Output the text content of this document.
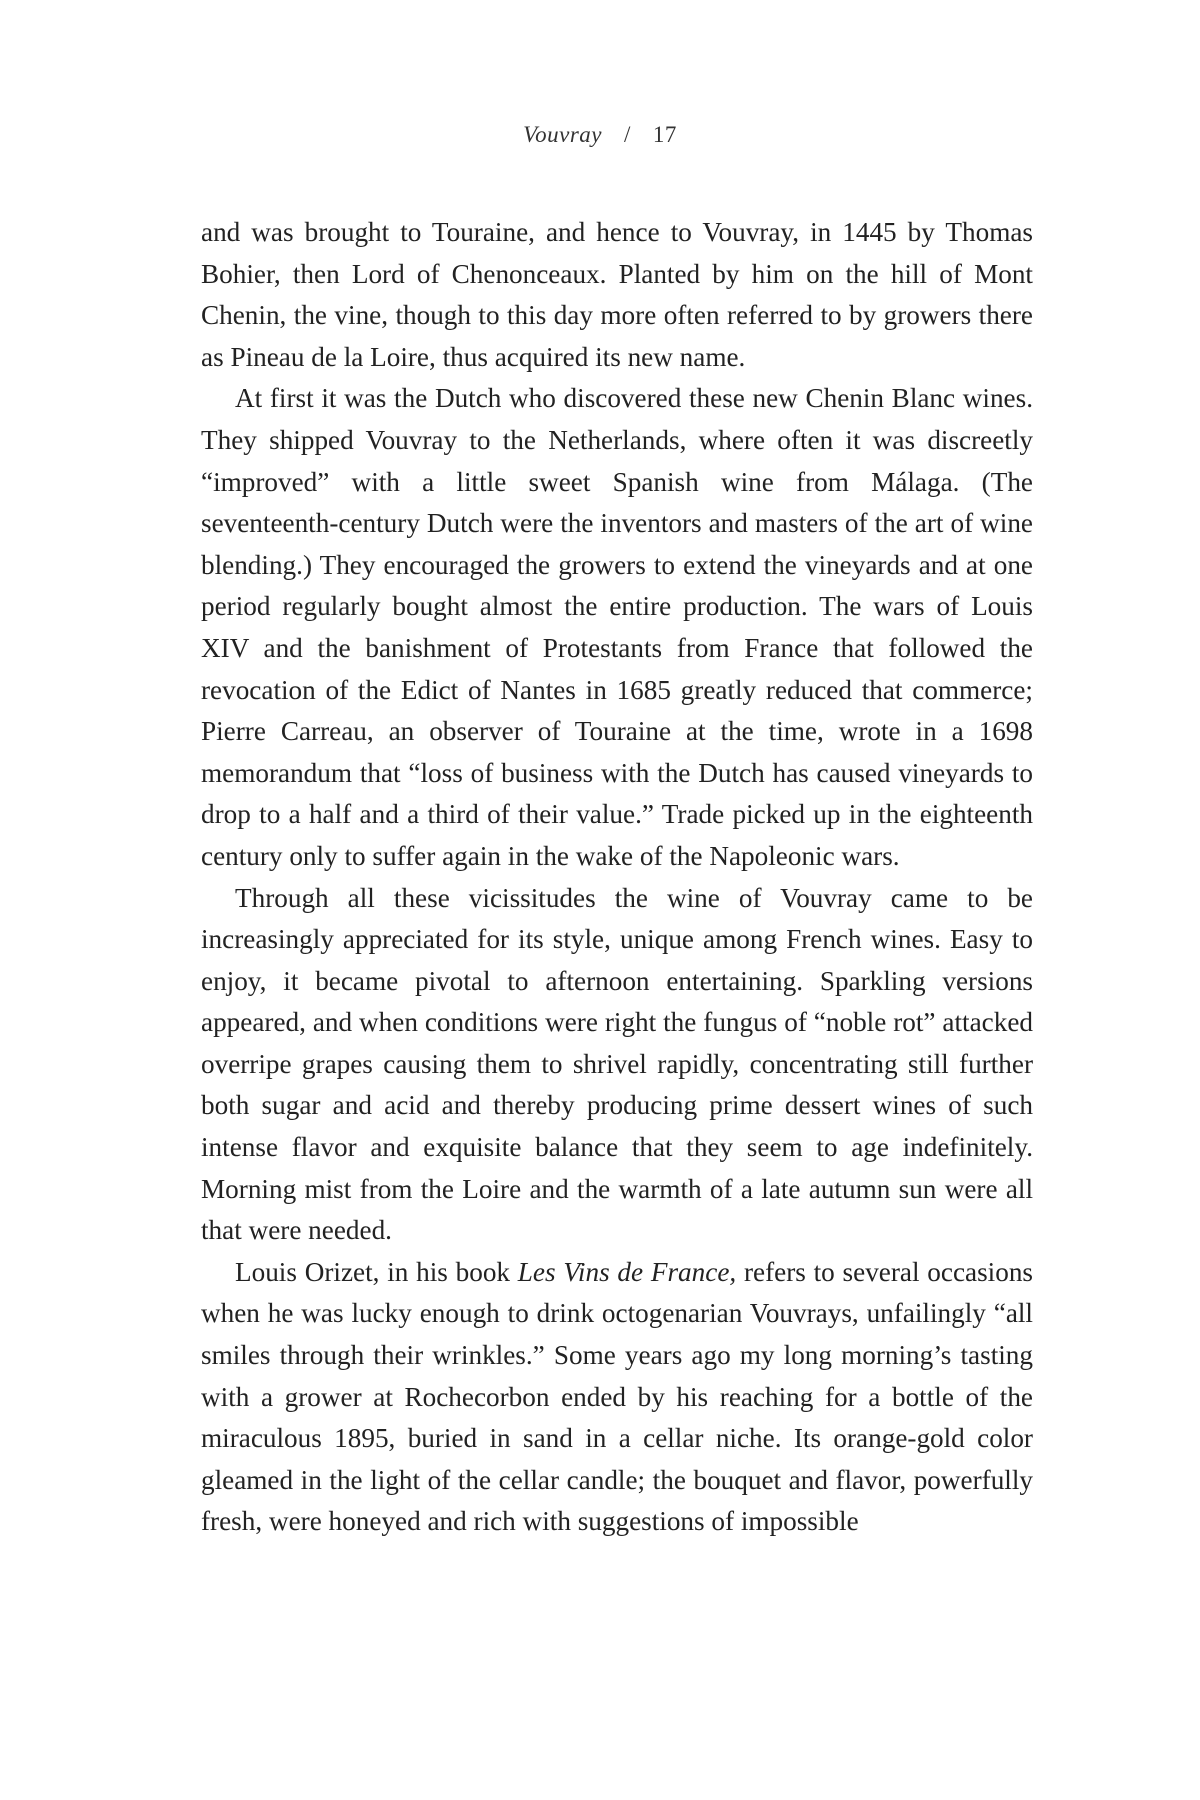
Vouvray / 17

and was brought to Touraine, and hence to Vouvray, in 1445 by Thomas Bohier, then Lord of Chenonceaux. Planted by him on the hill of Mont Chenin, the vine, though to this day more often referred to by growers there as Pineau de la Loire, thus acquired its new name.

At first it was the Dutch who discovered these new Chenin Blanc wines. They shipped Vouvray to the Netherlands, where often it was discreetly “improved” with a little sweet Spanish wine from Málaga. (The seventeenth-century Dutch were the inventors and masters of the art of wine blending.) They encouraged the growers to extend the vineyards and at one period regularly bought almost the entire production. The wars of Louis XIV and the banishment of Protestants from France that followed the revocation of the Edict of Nantes in 1685 greatly reduced that commerce; Pierre Carreau, an observer of Touraine at the time, wrote in a 1698 memorandum that “loss of business with the Dutch has caused vineyards to drop to a half and a third of their value.” Trade picked up in the eighteenth century only to suffer again in the wake of the Napoleonic wars.

Through all these vicissitudes the wine of Vouvray came to be increasingly appreciated for its style, unique among French wines. Easy to enjoy, it became pivotal to afternoon entertaining. Sparkling versions appeared, and when conditions were right the fungus of “noble rot” attacked overripe grapes causing them to shrivel rapidly, concentrating still further both sugar and acid and thereby producing prime dessert wines of such intense flavor and exquisite balance that they seem to age indefinitely. Morning mist from the Loire and the warmth of a late autumn sun were all that were needed.

Louis Orizet, in his book Les Vins de France, refers to several occasions when he was lucky enough to drink octogenarian Vouvrays, unfailingly “all smiles through their wrinkles.” Some years ago my long morning’s tasting with a grower at Rochecorbon ended by his reaching for a bottle of the miraculous 1895, buried in sand in a cellar niche. Its orange-gold color gleamed in the light of the cellar candle; the bouquet and flavor, powerfully fresh, were honeyed and rich with suggestions of impossible
